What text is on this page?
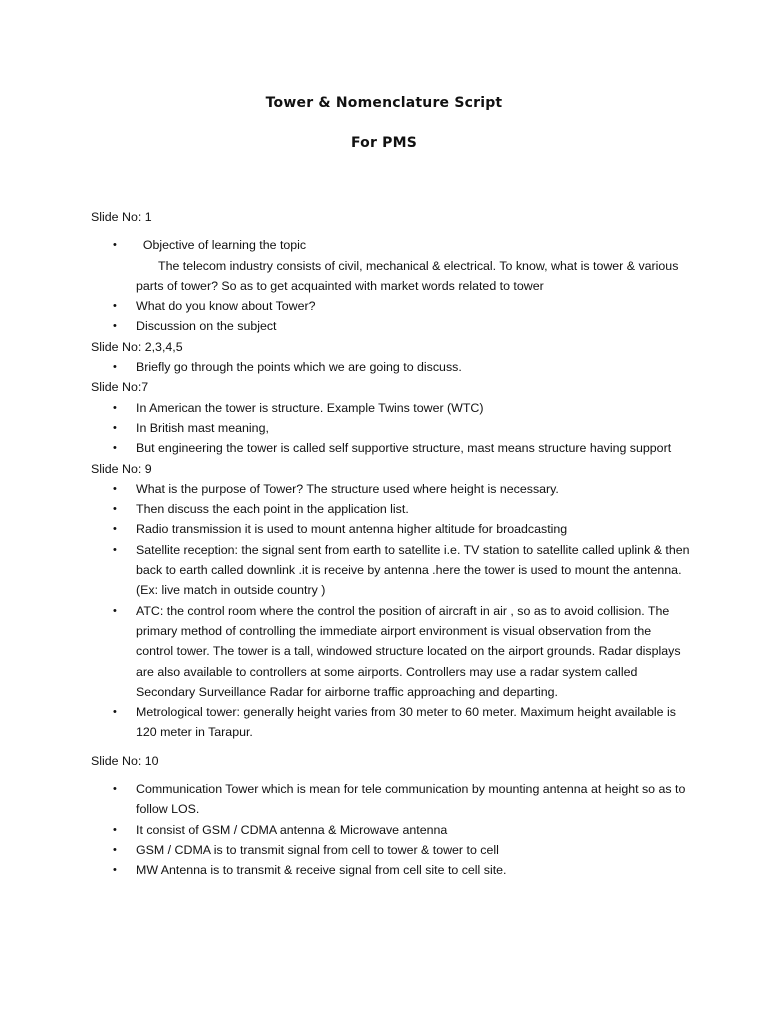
Tower & Nomenclature Script
For PMS
Slide No: 1
• Objective of learning the topic
The telecom industry consists of civil, mechanical & electrical. To know, what is tower & various parts of tower? So as to get acquainted with market words related to tower
• What do you know about Tower?
• Discussion on the subject
Slide No: 2,3,4,5
• Briefly go through the points which we are going to discuss.
Slide No:7
• In American the tower is structure. Example Twins tower (WTC)
• In British mast meaning,
• But engineering the tower is called self supportive structure, mast means structure having support
Slide No: 9
• What is the purpose of Tower? The structure used where height is necessary.
• Then discuss the each point in the application list.
• Radio transmission it is used to mount antenna higher altitude for broadcasting
• Satellite reception: the signal sent from earth to satellite i.e. TV station to satellite called uplink & then back to earth called downlink .it is receive by antenna .here the tower is used to mount the antenna. (Ex: live match in outside country )
• ATC: the control room where the control the position of aircraft in air , so as to avoid collision. The primary method of controlling the immediate airport environment is visual observation from the control tower. The tower is a tall, windowed structure located on the airport grounds. Radar displays are also available to controllers at some airports. Controllers may use a radar system called Secondary Surveillance Radar for airborne traffic approaching and departing.
• Metrological tower: generally height varies from 30 meter to 60 meter. Maximum height available is 120 meter in Tarapur.
Slide No: 10
• Communication Tower which is mean for tele communication by mounting antenna at height so as to follow LOS.
• It consist of GSM / CDMA antenna & Microwave antenna
• GSM / CDMA is to transmit signal from cell to tower & tower to cell
• MW Antenna is to transmit & receive signal from cell site to cell site.
